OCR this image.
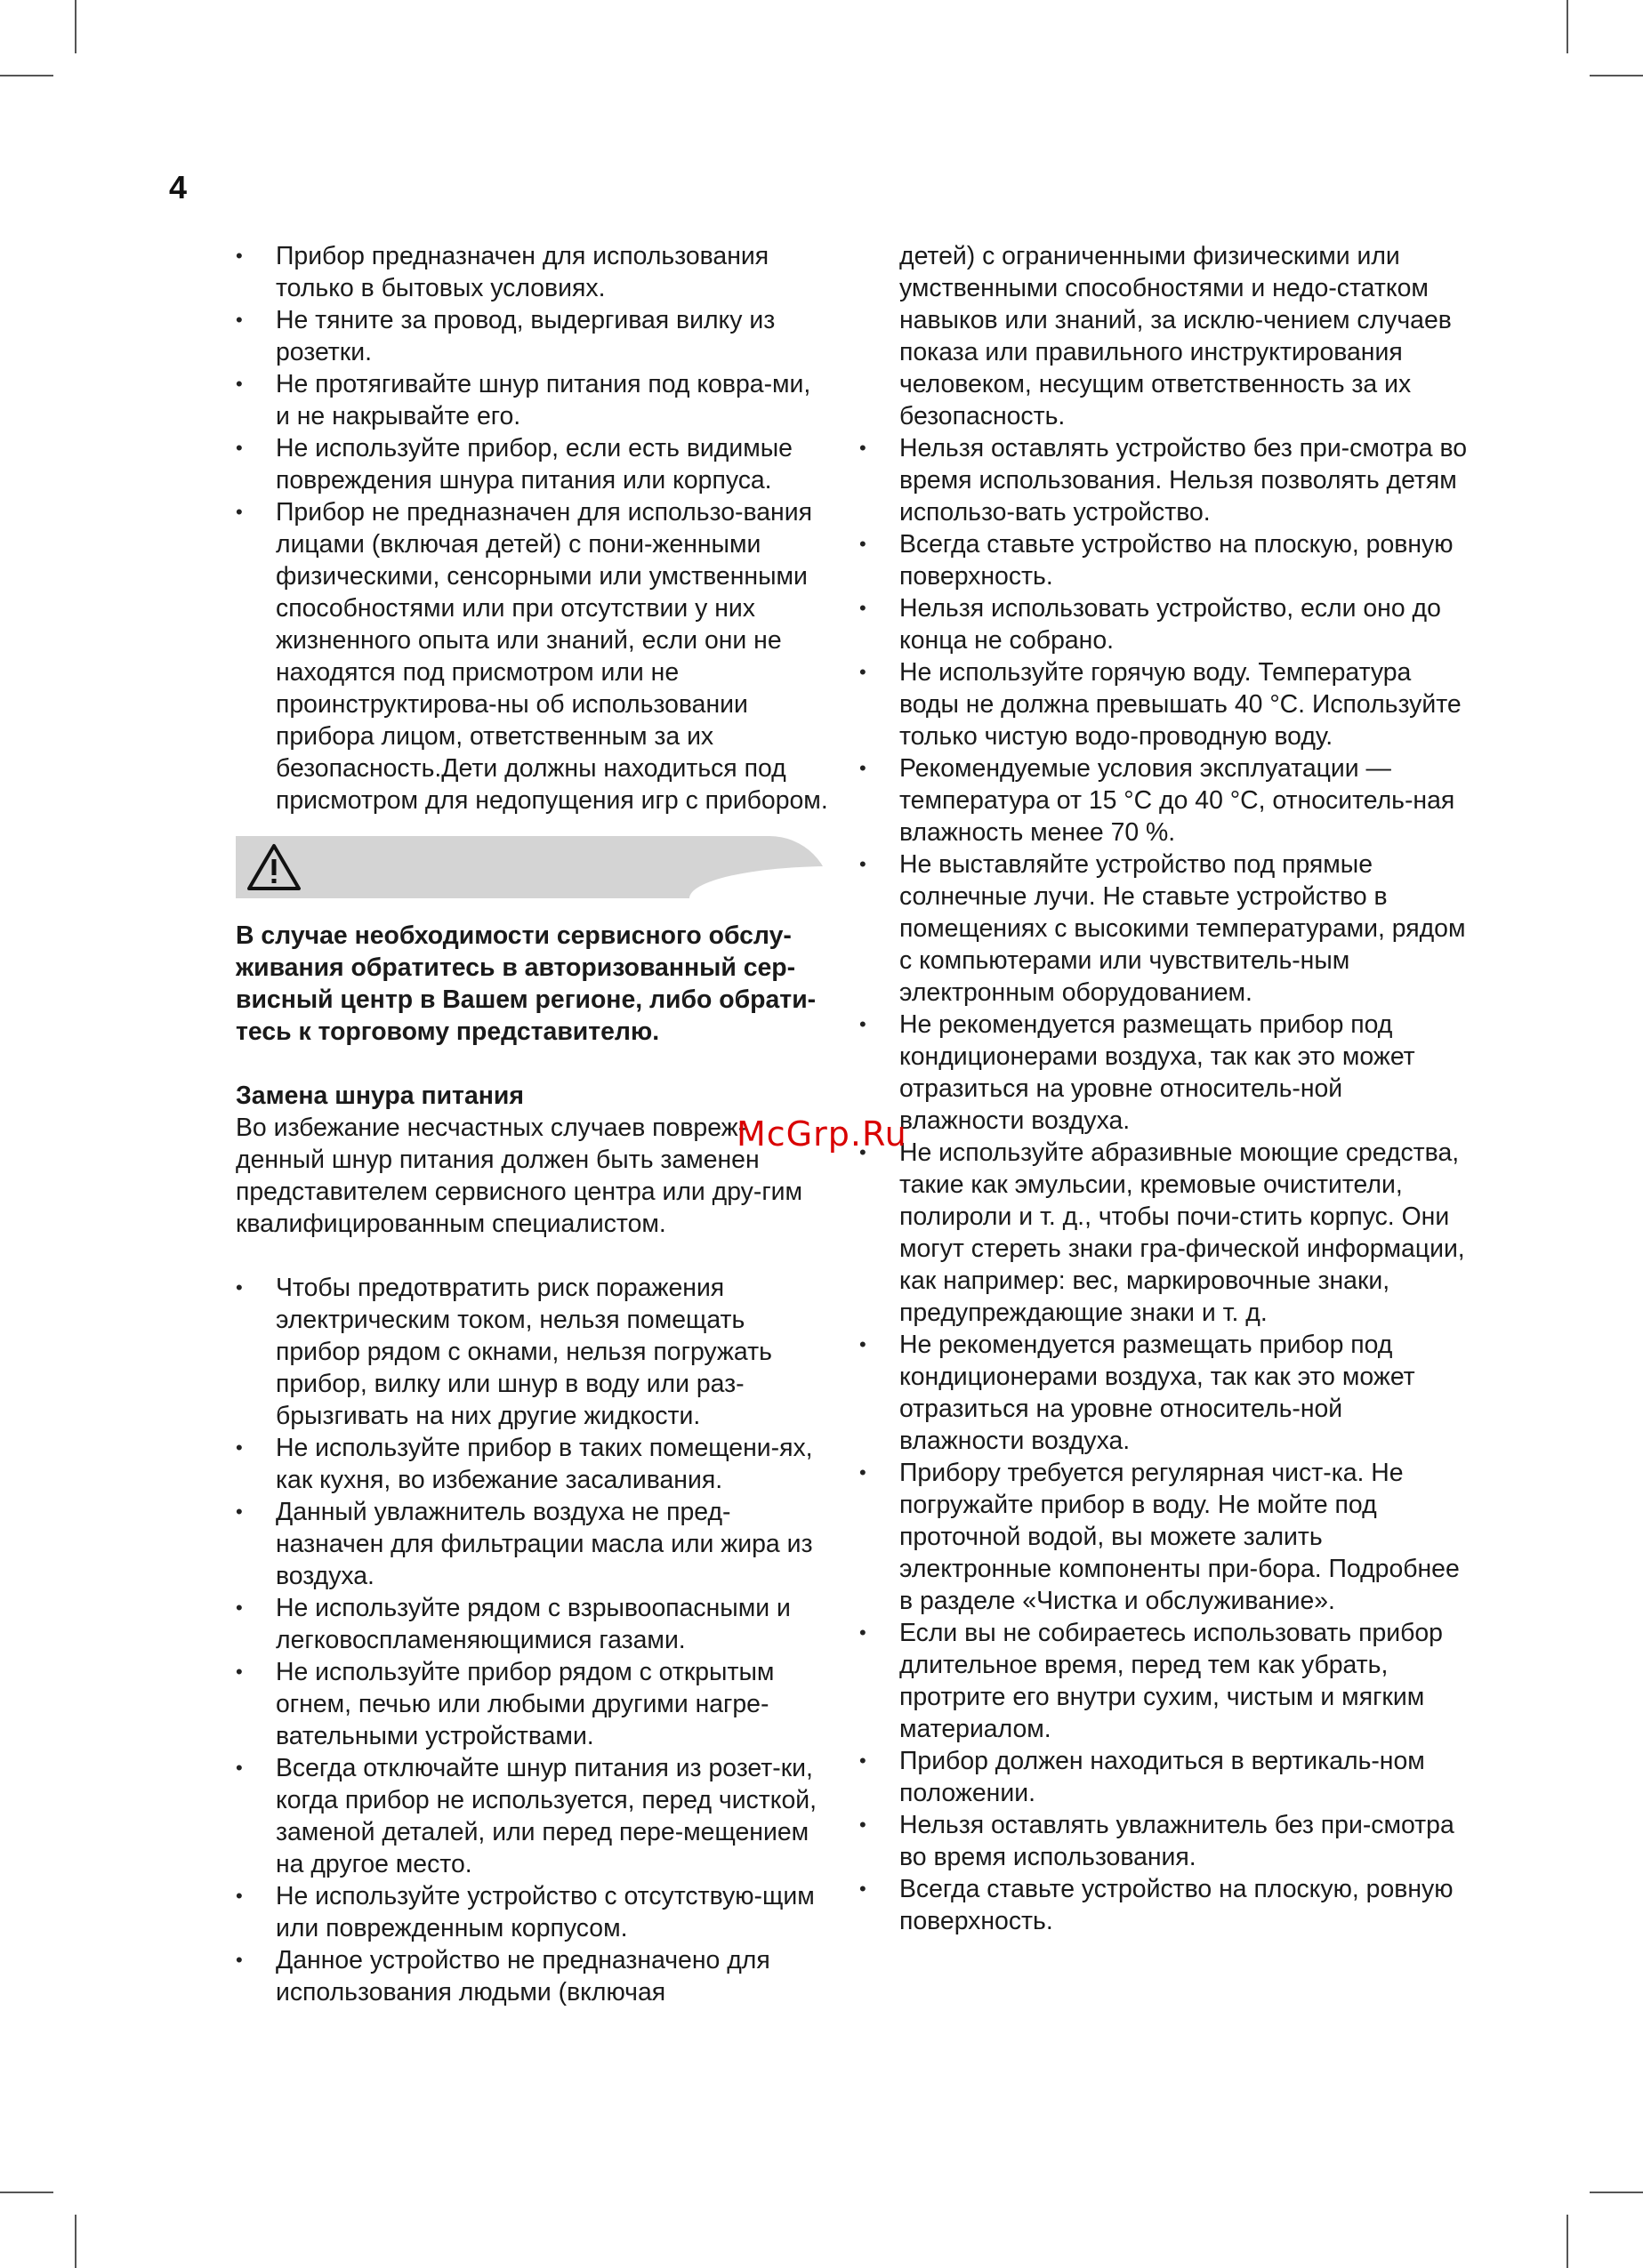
4
• Прибор предназначен для использования только в бытовых условиях.
• Не тяните за провод, выдергивая вилку из розетки.
• Не протягивайте шнур питания под ковра-ми, и не накрывайте его.
• Не используйте прибор, если есть видимые повреждения шнура питания или корпуса.
• Прибор не предназначен для использо-вания лицами (включая детей) с пони-женными физическими, сенсорными или умственными способностями или при отсутствии у них жизненного опыта или знаний, если они не находятся под присмотром или не проинструктирова-ны об использовании прибора лицом, ответственным за их безопасность.Дети должны находиться под присмотром для недопущения игр с прибором.

В случае необходимости сервисного обслу-живания обратитесь в авторизованный сер-висный центр в Вашем регионе, либо обрати-тесь к торговому представителю.

Замена шнура питания

Во избежание несчастных случаев повреж-денный шнур питания должен быть заменен представителем сервисного центра или дру-гим квалифицированным специалистом.

• Чтобы предотвратить риск поражения электрическим током, нельзя помещать прибор рядом с окнами, нельзя погружать прибор, вилку или шнур в воду или раз-брызгивать на них другие жидкости.
• Не используйте прибор в таких помещени-ях, как кухня, во избежание засаливания.
• Данный увлажнитель воздуха не пред-назначен для фильтрации масла или жира из воздуха.
• Не используйте рядом с взрывоопасными и легковоспламеняющимися газами.
• Не используйте прибор рядом с открытым огнем, печью или любыми другими нагре-вательными устройствами.
• Всегда отключайте шнур питания из розет-ки, когда прибор не используется, перед чисткой, заменой деталей, или перед пере-мещением на другое место.
• Не используйте устройство с отсутствую-щим или поврежденным корпусом.
• Данное устройство не предназначено для использования людьми (включая
детей) с ограниченными физическими или умственными способностями и недо-статком навыков или знаний, за исклю-чением случаев показа или правильного инструктирования человеком, несущим ответственность за их безопасность.
• Нельзя оставлять устройство без при-смотра во время использования. Нельзя позволять детям использо-вать устройство.
• Всегда ставьте устройство на плоскую, ровную поверхность.
• Нельзя использовать устройство, если оно до конца не собрано.
• Не используйте горячую воду. Температура воды не должна превышать 40 °C. Используйте только чистую водо-проводную воду.
• Рекомендуемые условия эксплуатации — температура от 15 °C до 40 °C, относитель-ная влажность менее 70 %.
• Не выставляйте устройство под прямые солнечные лучи. Не ставьте устройство в помещениях с высокими температурами, рядом с компьютерами или чувствитель-ным электронным оборудованием.
• Не рекомендуется размещать прибор под кондиционерами воздуха, так как это может отразиться на уровне относитель-ной влажности воздуха.
• Не используйте абразивные моющие средства, такие как эмульсии, кремовые очистители, полироли и т. д., чтобы почи-стить корпус. Они могут стереть знаки гра-фической информации, как например: вес, маркировочные знаки, предупреждающие знаки и т. д.
• Не рекомендуется размещать прибор под кондиционерами воздуха, так как это может отразиться на уровне относитель-ной влажности воздуха.
• Прибору требуется регулярная чист-ка. Не погружайте прибор в воду. Не мойте под проточной водой, вы можете залить электронные компоненты при-бора. Подробнее в разделе «Чистка и обслуживание».
• Если вы не собираетесь использовать прибор длительное время, перед тем как убрать, протрите его внутри сухим, чистым и мягким материалом.
• Прибор должен находиться в вертикаль-ном положении.
• Нельзя оставлять увлажнитель без при-смотра во время использования.
• Всегда ставьте устройство на плоскую, ровную поверхность.
McGrp.Ru
